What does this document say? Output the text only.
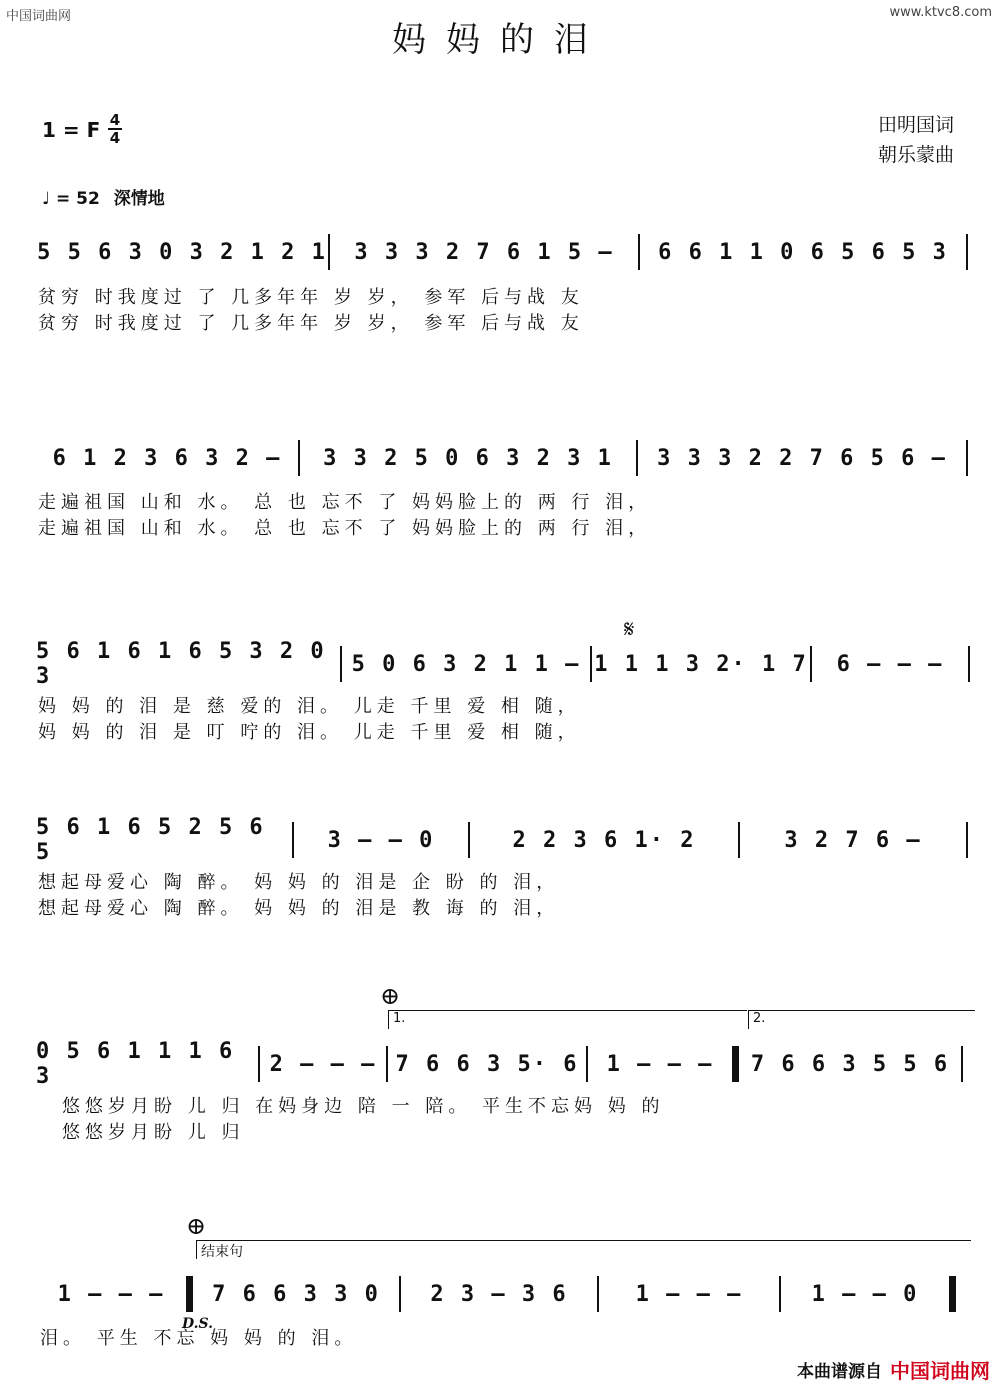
中国词曲网	www.ktvc8.com
妈妈的泪
1 = F 4
4
♩ = 52 深情地
田明国词
朝乐蒙曲
5 5 6 3 0 3 2 1 2 1 3 3 3 2 7 6 1 5 – 6 6 1 1 0 6 5 6 5 3
贫穷 时我度过 了 几多年年 岁 岁， 参军 后与战 友
贫穷 时我度过 了 几多年年 岁 岁， 参军 后与战 友
6 1 2 3 6 3 2 – 3 3 2 5 0 6 3 2 3 1 3 3 3 2 2 7 6 5 6 –
走遍祖国 山和 水。 总 也 忘不 了 妈妈脸上的 两 行 泪，
走遍祖国 山和 水。 总 也 忘不 了 妈妈脸上的 两 行 泪，
𝄋
5 6 1 6 1 6 5 3 2 0 3	5 0 6 3 2 1 1 – 1 1 1 3 2· 1 7 6 – – –
妈 妈 的 泪 是 慈 爱的 泪。 儿走 千里 爱 相 随，
妈 妈 的 泪 是 叮 咛的 泪。 儿走 千里 爱 相 随，
5 6 1 6 5 2 5 6 5	3 – – 0	2 2 3 6 1· 2	3 2 7 6 –
想起母爱心 陶 醉。 妈 妈 的 泪是 企 盼 的 泪，
想起母爱心 陶 醉。 妈 妈 的 泪是 教 诲 的 泪，
⊕
1.	2.
0 5 6 1 1 1 6 3	2 – – – 7 6 6 3 5· 6 1 – – – 7 6 6 3 5 5 6
悠悠岁月盼 儿 归 在妈身边 陪 一 陪。 平生不忘妈 妈 的
悠悠岁月盼 儿 归
⊕
结束句
1 – – – 7 6 6 3 3 0 2 3 – 3 6	1 – – –	1 – – 0
D.S.
泪。 平生 不忘 妈 妈 的 泪。
本曲谱源自 中国词曲网
